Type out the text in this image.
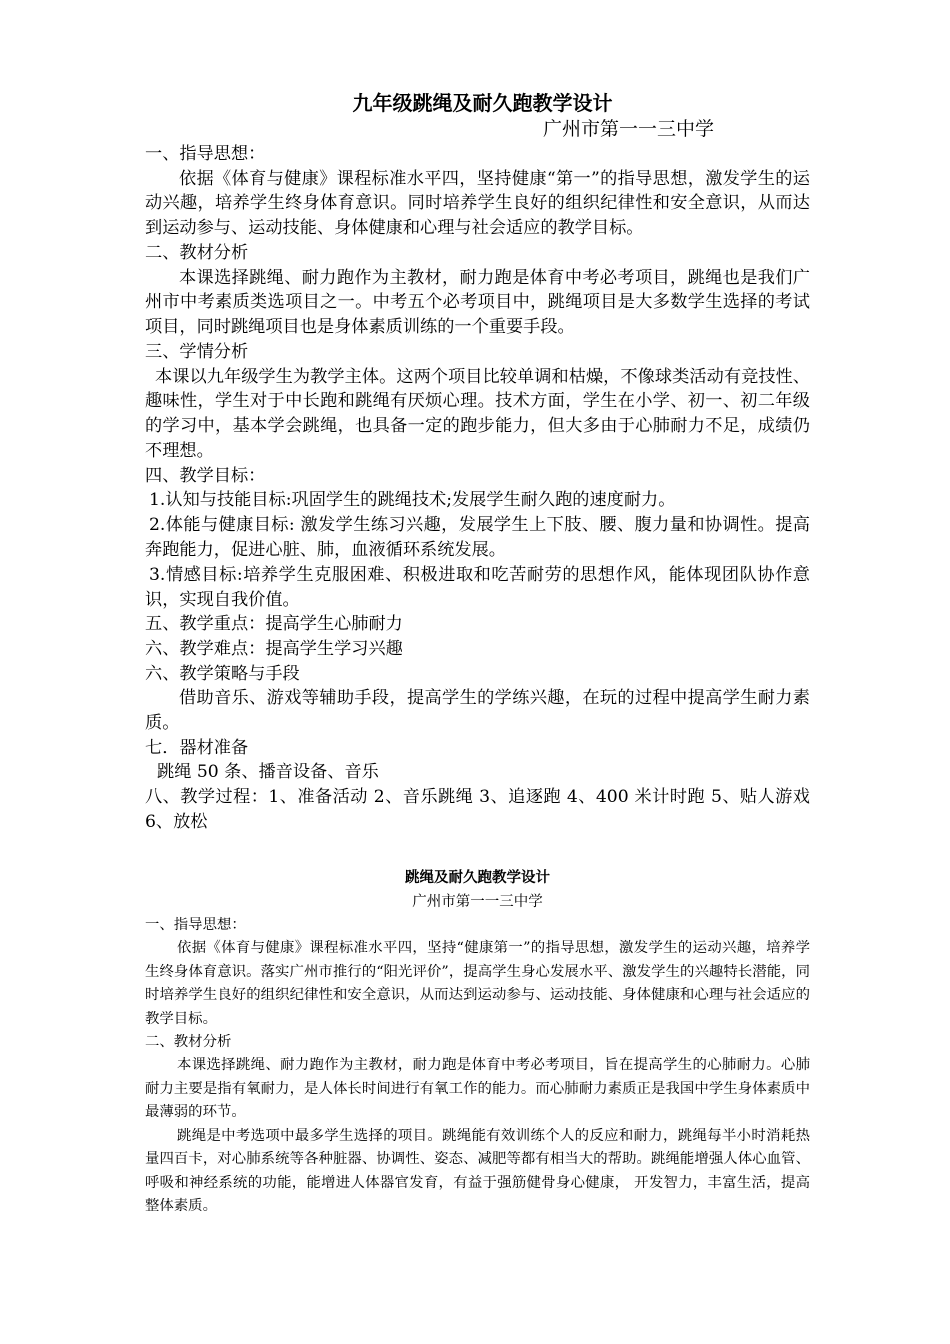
九年级跳绳及耐久跑教学设计
广州市第一一三中学
一、指导思想：
依据《体育与健康》课程标准水平四，坚持健康“第一”的指导思想，激发学生的运动兴趣，培养学生终身体育意识。同时培养学生良好的组织纪律性和安全意识，从而达到运动参与、运动技能、身体健康和心理与社会适应的教学目标。
二、教材分析
本课选择跳绳、耐力跑作为主教材，耐力跑是体育中考必考项目，跳绳也是我们广州市中考素质类选项目之一。中考五个必考项目中，跳绳项目是大多数学生选择的考试项目，同时跳绳项目也是身体素质训练的一个重要手段。
三、学情分析
本课以九年级学生为教学主体。这两个项目比较单调和枯燥，不像球类活动有竞技性、趣味性，学生对于中长跑和跳绳有厌烦心理。技术方面，学生在小学、初一、初二年级的学习中，基本学会跳绳，也具备一定的跑步能力，但大多由于心肺耐力不足，成绩仍不理想。
四、教学目标：
1.认知与技能目标:巩固学生的跳绳技术;发展学生耐久跑的速度耐力。
2.体能与健康目标: 激发学生练习兴趣，发展学生上下肢、腰、腹力量和协调性。提高奔跑能力，促进心脏、肺，血液循环系统发展。
3.情感目标:培养学生克服困难、积极进取和吃苦耐劳的思想作风，能体现团队协作意识，实现自我价值。
五、教学重点：提高学生心肺耐力
六、教学难点：提高学生学习兴趣
六、教学策略与手段
借助音乐、游戏等辅助手段，提高学生的学练兴趣，在玩的过程中提高学生耐力素质。
七．器材准备
跳绳 50 条、播音设备、音乐
八、教学过程：1、准备活动 2、音乐跳绳 3、追逐跑 4、400 米计时跑 5、贴人游戏 6、放松
跳绳及耐久跑教学设计
广州市第一一三中学
一、指导思想：
依据《体育与健康》课程标准水平四，坚持“健康第一”的指导思想，激发学生的运动兴趣，培养学生终身体育意识。落实广州市推行的“阳光评价”，提高学生身心发展水平、激发学生的兴趣特长潜能，同时培养学生良好的组织纪律性和安全意识，从而达到运动参与、运动技能、身体健康和心理与社会适应的教学目标。
二、教材分析
本课选择跳绳、耐力跑作为主教材，耐力跑是体育中考必考项目，旨在提高学生的心肺耐力。心肺耐力主要是指有氧耐力，是人体长时间进行有氧工作的能力。而心肺耐力素质正是我国中学生身体素质中最薄弱的环节。
跳绳是中考选项中最多学生选择的项目。跳绳能有效训练个人的反应和耐力，跳绳每半小时消耗热量四百卡，对心肺系统等各种脏器、协调性、姿态、减肥等都有相当大的帮助。跳绳能增强人体心血管、呼吸和神经系统的功能，能增进人体器官发育，有益于强筋健骨身心健康， 开发智力，丰富生活，提高整体素质。
